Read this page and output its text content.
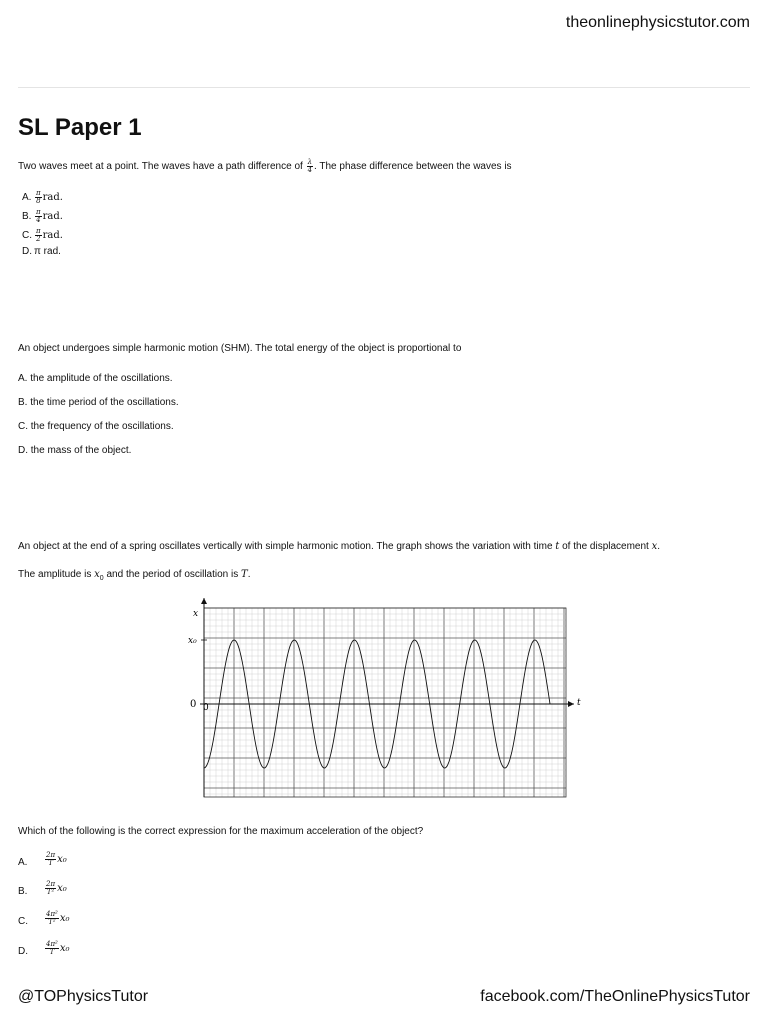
theonlinephysicstutor.com
SL Paper 1
Two waves meet at a point. The waves have a path difference of $\frac{\lambda}{4}$ . The phase difference between the waves is
A. $\frac{\pi}{8}$ rad.
B. $\frac{\pi}{4}$ rad.
C. $\frac{\pi}{2}$ rad.
D. π rad.
An object undergoes simple harmonic motion (SHM). The total energy of the object is proportional to
A. the amplitude of the oscillations.
B. the time period of the oscillations.
C. the frequency of the oscillations.
D. the mass of the object.
An object at the end of a spring oscillates vertically with simple harmonic motion. The graph shows the variation with time t of the displacement x.
The amplitude is $x_0$ and the period of oscillation is T.
x
x₀
0 0	t
Which of the following is the correct expression for the maximum acceleration of the object?
A.	$\frac{2\pi}{T} x_0$
B.	$\frac{2\pi}{\text{T²}} x_0$
C. $\frac{\text{4π²}}{\text{T²}} x_0$
D. $\frac{\text{4π²}}{T} x_0$
@TOPhysicsTutor	facebook.com/TheOnlinePhysicsTutor
